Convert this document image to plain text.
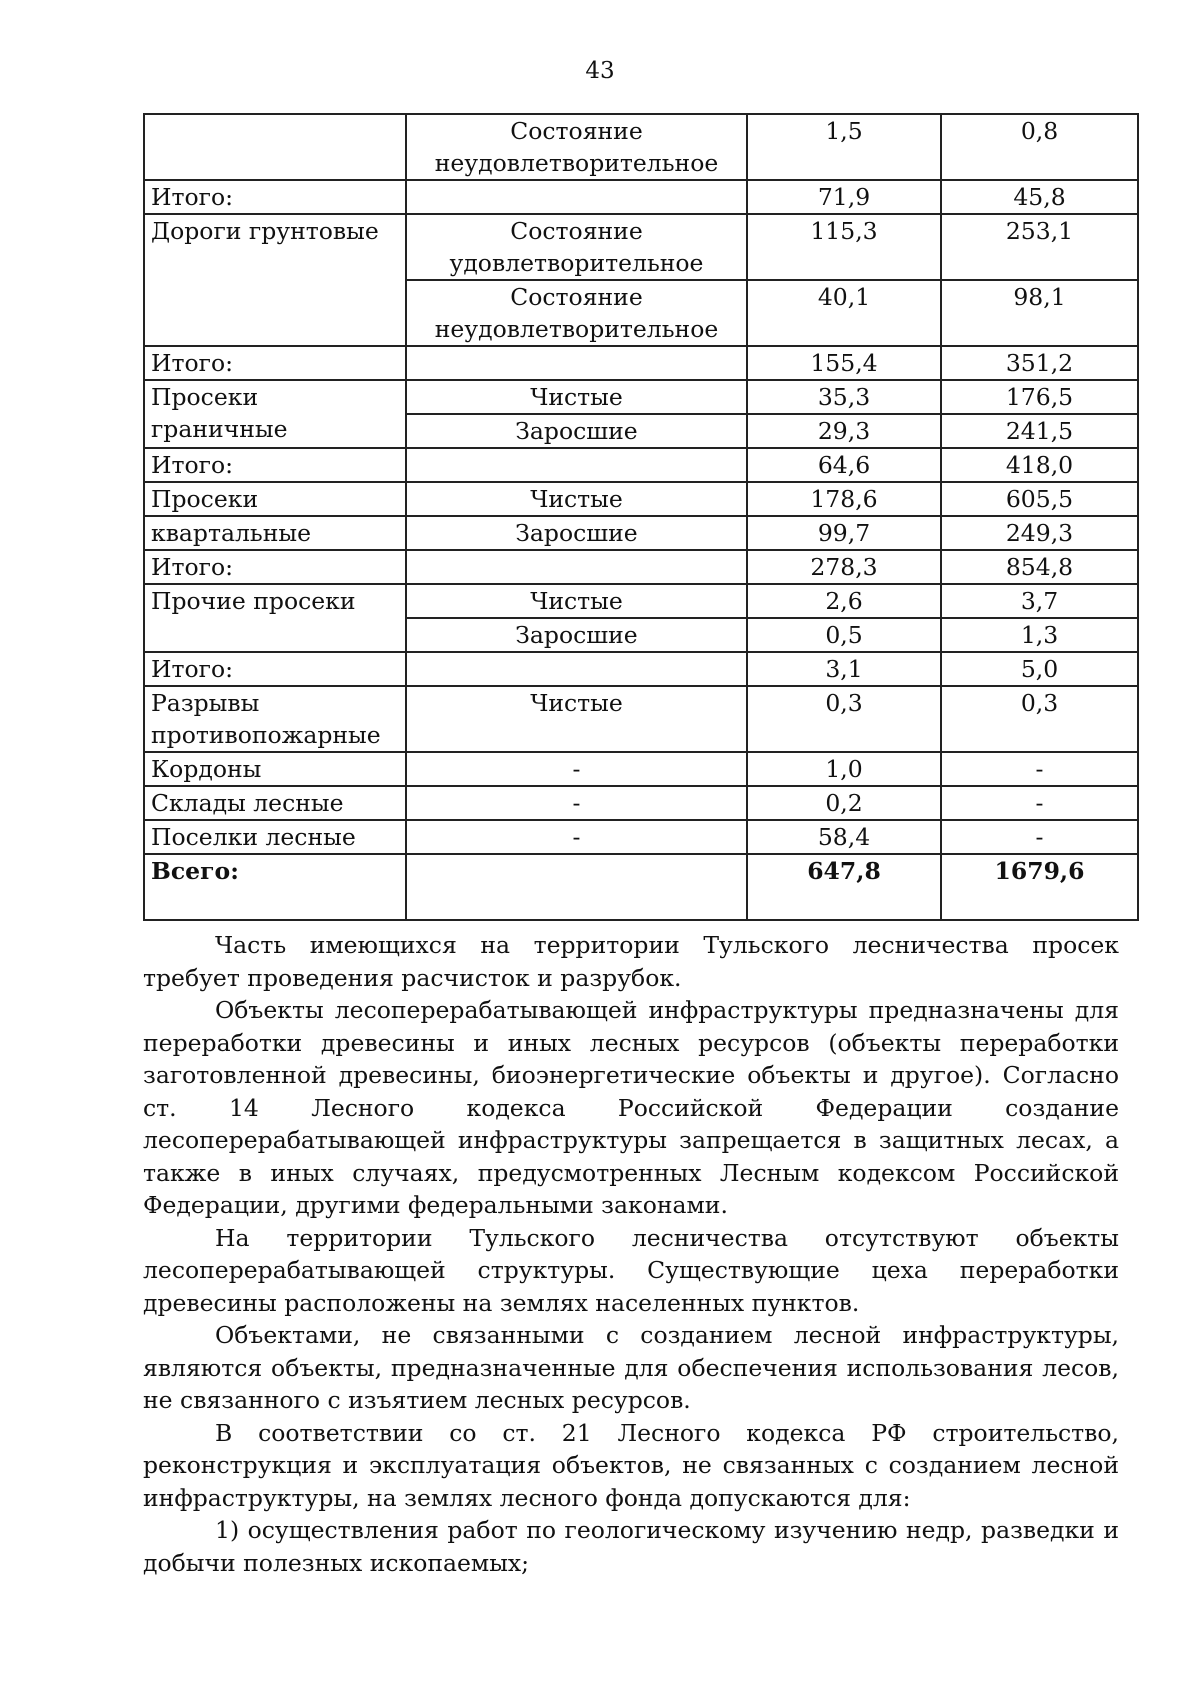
43
	Состояние неудовлетворительное	1,5	0,8
Итого:		71,9	45,8
Дороги грунтовые	Состояние удовлетворительное	115,3	253,1
	Состояние неудовлетворительное	40,1	98,1
Итого:		155,4	351,2
Просеки граничные	Чистые	35,3	176,5
	Заросшие	29,3	241,5
Итого:		64,6	418,0
Просеки	Чистые	178,6	605,5
квартальные	Заросшие	99,7	249,3
Итого:		278,3	854,8
Прочие просеки	Чистые	2,6	3,7
	Заросшие	0,5	1,3
Итого:		3,1	5,0
Разрывы противопожарные	Чистые	0,3	0,3
Кордоны	-	1,0	-
Склады лесные	-	0,2	-
Поселки лесные	-	58,4	-
Всего:		647,8	1679,6

Часть имеющихся на территории Тульского лесничества просек требует проведения расчисток и разрубок.

Объекты лесоперерабатывающей инфраструктуры предназначены для переработки древесины и иных лесных ресурсов (объекты переработки заготовленной древесины, биоэнергетические объекты и другое). Согласно ст. 14 Лесного кодекса Российской Федерации создание лесоперерабатывающей инфраструктуры запрещается в защитных лесах, а также в иных случаях, предусмотренных Лесным кодексом Российской Федерации, другими федеральными законами.

На территории Тульского лесничества отсутствуют объекты лесоперерабатывающей структуры. Существующие цеха переработки древесины расположены на землях населенных пунктов.

Объектами, не связанными с созданием лесной инфраструктуры, являются объекты, предназначенные для обеспечения использования лесов, не связанного с изъятием лесных ресурсов.

В соответствии со ст. 21 Лесного кодекса РФ строительство, реконструкция и эксплуатация объектов, не связанных с созданием лесной инфраструктуры, на землях лесного фонда допускаются для:

1) осуществления работ по геологическому изучению недр, разведки и добычи полезных ископаемых;
